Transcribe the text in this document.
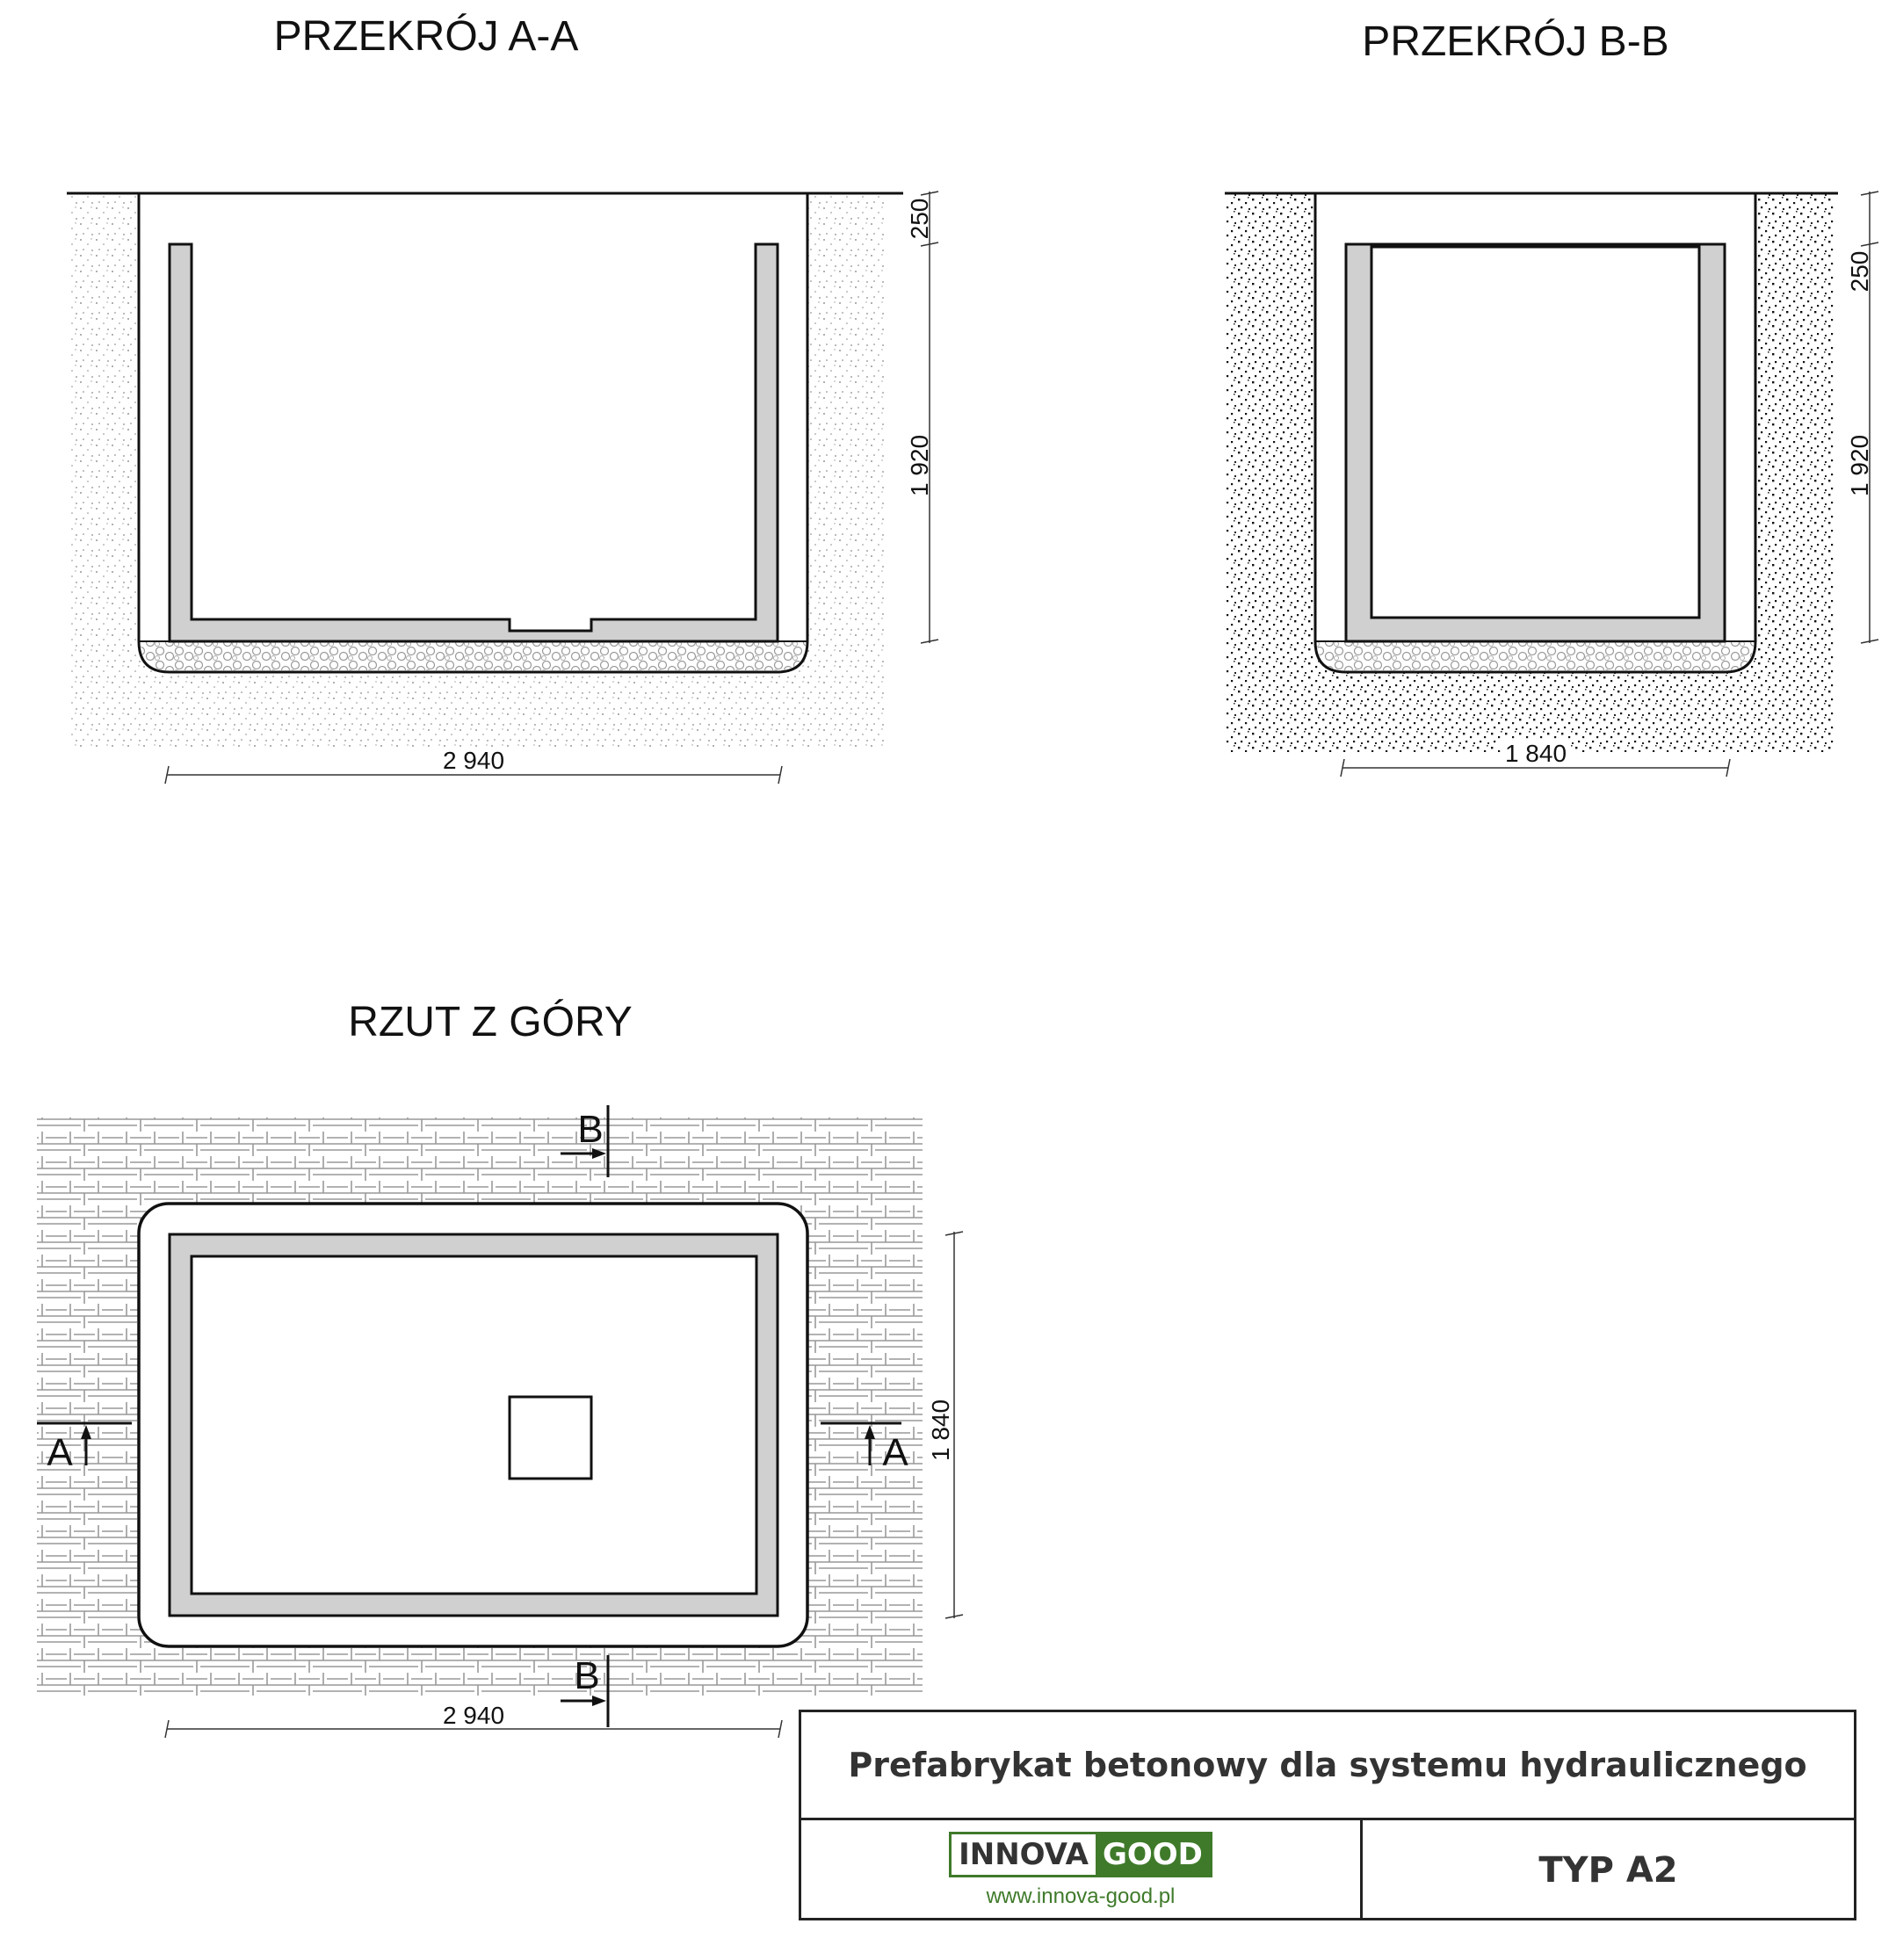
2 940
250
1 920
1 840
250
1 920
A	A
B
B
2 940
1 840
PRZEKRÓJ A-A	PRZEKRÓJ B-B
RZUT Z GÓRY
Prefabrykat betonowy dla systemu hydraulicznego
INNOVA GOOD
www.innova-good.pl
TYP A2
